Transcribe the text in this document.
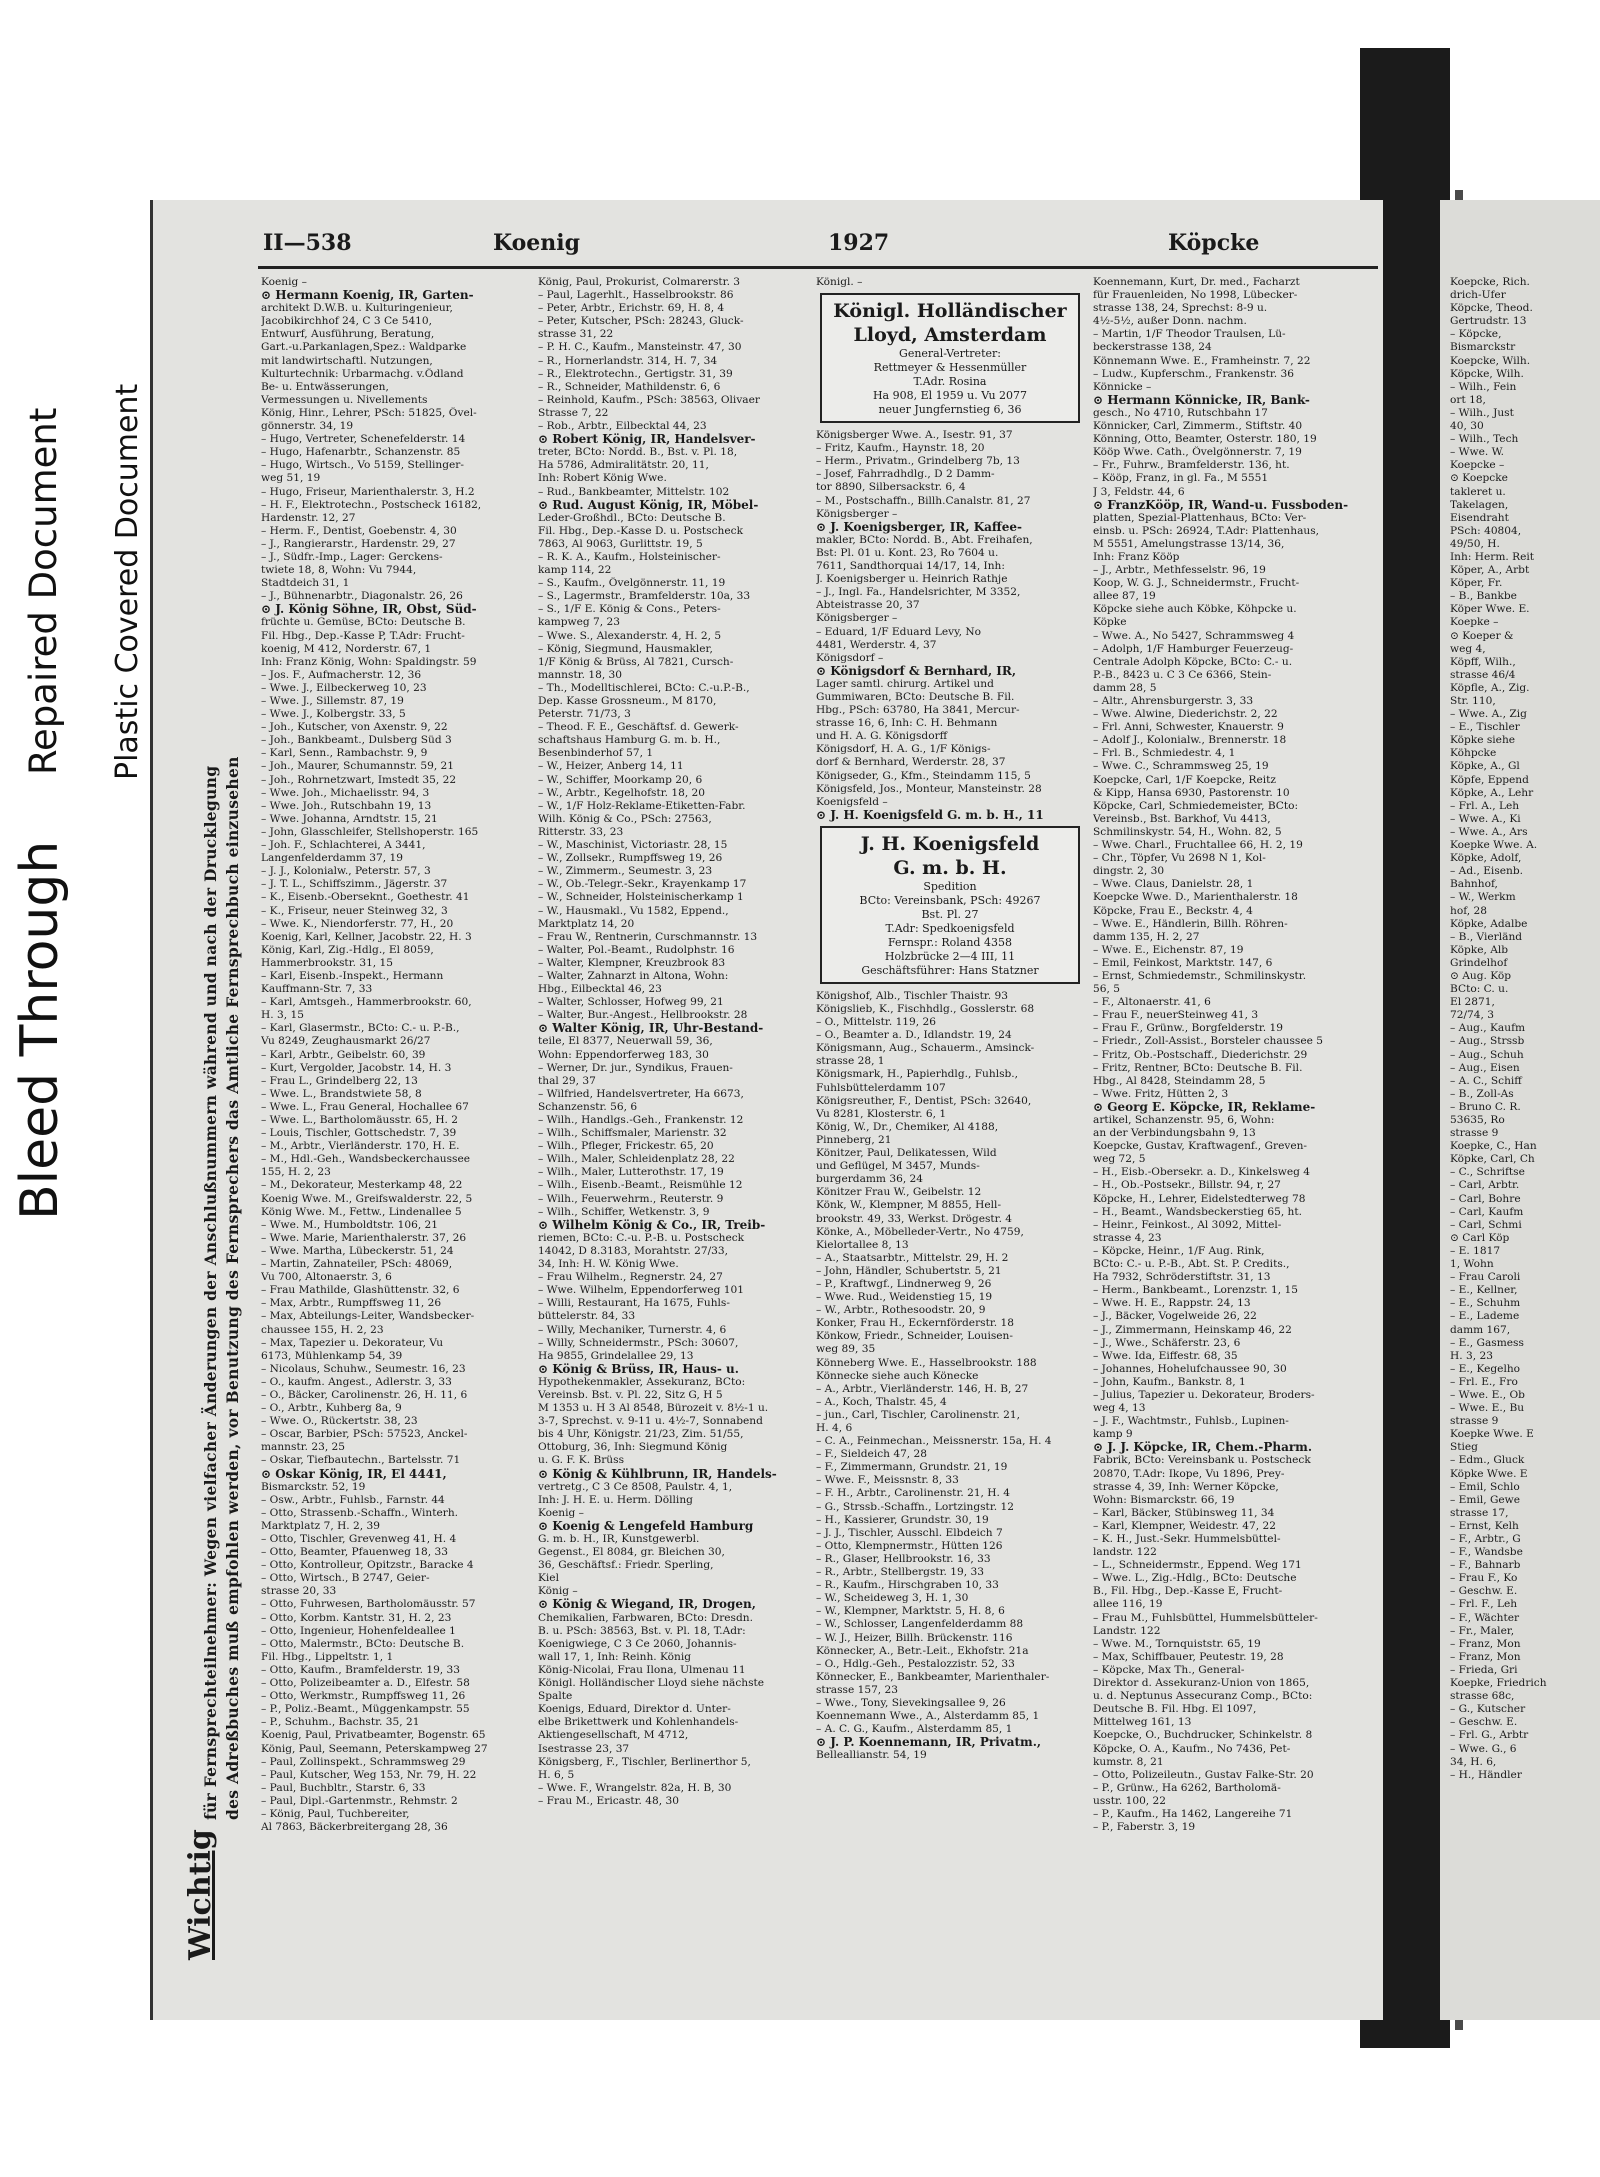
Bleed Through
Repaired Document Plastic Covered Document
II—538	Koenig	1927	Köpcke
Wichtig
für Fernsprechteilnehmer: Wegen vielfacher Änderungen der Anschlußnummern während und nach der Drucklegung des Adreßbuches muß empfohlen werden, vor Benutzung des Fernsprechers das Amtliche Fernsprechbuch einzusehen

Koenig –

⊙ Hermann Koenig, IR, Garten-

architekt D.W.B. u. Kulturingenieur,

Jacobikirchhof 24, C 3 Ce 5410,

Entwurf, Ausführung, Beratung,

Gart.-u.Parkanlagen,Spez.: Waldparke

mit landwirtschaftl. Nutzungen,

Kulturtechnik: Urbarmachg. v.Ödland

Be- u. Entwässerungen,

Vermessungen u. Nivellements

König, Hinr., Lehrer, PSch: 51825, Övel-

gönnerstr. 34, 19

– Hugo, Vertreter, Schenefelderstr. 14

– Hugo, Hafenarbtr., Schanzenstr. 85

– Hugo, Wirtsch., Vo 5159, Stellinger-

weg 51, 19

– Hugo, Friseur, Marienthalerstr. 3, H.2

– H. F., Elektrotechn., Postscheck 16182,

Hardenstr. 12, 27

– Herm. F., Dentist, Goebenstr. 4, 30

– J., Rangierarstr., Hardenstr. 29, 27

– J., Südfr.-Imp., Lager: Gerckens-

twiete 18, 8, Wohn: Vu 7944,

Stadtdeich 31, 1

– J., Bühnenarbtr., Diagonalstr. 26, 26

⊙ J. König Söhne, IR, Obst, Süd-

früchte u. Gemüse, BCto: Deutsche B.

Fil. Hbg., Dep.-Kasse P, T.Adr: Frucht-

koenig, M 412, Norderstr. 67, 1

Inh: Franz König, Wohn: Spaldingstr. 59

– Jos. F., Aufmacherstr. 12, 36

– Wwe. J., Eilbeckerweg 10, 23

– Wwe. J., Sillemstr. 87, 19

– Wwe. J., Kolbergstr. 33, 5

– Joh., Kutscher, von Axenstr. 9, 22

– Joh., Bankbeamt., Dulsberg Süd 3

– Karl, Senn., Rambachstr. 9, 9

– Joh., Maurer, Schumannstr. 59, 21

– Joh., Rohrnetzwart, Imstedt 35, 22

– Wwe. Joh., Michaelisstr. 94, 3

– Wwe. Joh., Rutschbahn 19, 13

– Wwe. Johanna, Arndtstr. 15, 21

– John, Glasschleifer, Stellshoperstr. 165

– Joh. F., Schlachterei, A 3441,

Langenfelderdamm 37, 19

– J. J., Kolonialw., Peterstr. 57, 3

– J. T. L., Schiffszimm., Jägerstr. 37

– K., Eisenb.-Oberseknt., Goethestr. 41

– K., Friseur, neuer Steinweg 32, 3

– Wwe. K., Niendorferstr. 77, H., 20

Koenig, Karl, Kellner, Jacobstr. 22, H. 3

König, Karl, Zig.-Hdlg., El 8059,

Hammerbrookstr. 31, 15

– Karl, Eisenb.-Inspekt., Hermann

Kauffmann-Str. 7, 33

– Karl, Amtsgeh., Hammerbrookstr. 60,

H. 3, 15

– Karl, Glasermstr., BCto: C.- u. P.-B.,

Vu 8249, Zeughausmarkt 26/27

– Karl, Arbtr., Geibelstr. 60, 39

– Kurt, Vergolder, Jacobstr. 14, H. 3

– Frau L., Grindelberg 22, 13

– Wwe. L., Brandstwiete 58, 8

– Wwe. L., Frau General, Hochallee 67

– Wwe. L., Bartholomäusstr. 65, H. 2

– Louis, Tischler, Gottschedstr. 7, 39

– M., Arbtr., Vierländerstr. 170, H. E.

– M., Hdl.-Geh., Wandsbeckerchaussee

155, H. 2, 23

– M., Dekorateur, Mesterkamp 48, 22

Koenig Wwe. M., Greifswalderstr. 22, 5

König Wwe. M., Fettw., Lindenallee 5

– Wwe. M., Humboldtstr. 106, 21

– Wwe. Marie, Marienthalerstr. 37, 26

– Wwe. Martha, Lübeckerstr. 51, 24

– Martin, Zahnateiler, PSch: 48069,

Vu 700, Altonaerstr. 3, 6

– Frau Mathilde, Glashüttenstr. 32, 6

– Max, Arbtr., Rumpffsweg 11, 26

– Max, Abteilungs-Leiter, Wandsbecker-

chaussee 155, H. 2, 23

– Max, Tapezier u. Dekorateur, Vu

6173, Mühlenkamp 54, 39

– Nicolaus, Schuhw., Seumestr. 16, 23

– O., kaufm. Angest., Adlerstr. 3, 33

– O., Bäcker, Carolinenstr. 26, H. 11, 6

– O., Arbtr., Kuhberg 8a, 9

– Wwe. O., Rückertstr. 38, 23

– Oscar, Barbier, PSch: 57523, Anckel-

mannstr. 23, 25

– Oskar, Tiefbautechn., Bartelsstr. 71

⊙ Oskar König, IR, El 4441,

Bismarckstr. 52, 19

– Osw., Arbtr., Fuhlsb., Farnstr. 44

– Otto, Strassenb.-Schaffn., Winterh.

Marktplatz 7, H. 2, 39

– Otto, Tischler, Grevenweg 41, H. 4

– Otto, Beamter, Pfauenweg 18, 33

– Otto, Kontrolleur, Opitzstr., Baracke 4

– Otto, Wirtsch., B 2747, Geier-

strasse 20, 33

– Otto, Fuhrwesen, Bartholomäusstr. 57

– Otto, Korbm. Kantstr. 31, H. 2, 23

– Otto, Ingenieur, Hohenfeldeallee 1

– Otto, Malermstr., BCto: Deutsche B.

Fil. Hbg., Lippeltstr. 1, 1

– Otto, Kaufm., Bramfelderstr. 19, 33

– Otto, Polizeibeamter a. D., Elfestr. 58

– Otto, Werkmstr., Rumpffsweg 11, 26

– P., Poliz.-Beamt., Müggenkampstr. 55

– P., Schuhm., Bachstr. 35, 21

Koenig, Paul, Privatbeamter, Bogenstr. 65

König, Paul, Seemann, Peterskampweg 27

– Paul, Zollinspekt., Schrammsweg 29

– Paul, Kutscher, Weg 153, Nr. 79, H. 22

– Paul, Buchbltr., Starstr. 6, 33

– Paul, Dipl.-Gartenmstr., Rehmstr. 2

– König, Paul, Tuchbereiter,

Al 7863, Bäckerbreitergang 28, 36

König, Paul, Prokurist, Colmarerstr. 3

– Paul, Lagerhlt., Hasselbrookstr. 86

– Peter, Arbtr., Erichstr. 69, H. 8, 4

– Peter, Kutscher, PSch: 28243, Gluck-

strasse 31, 22

– P. H. C., Kaufm., Mansteinstr. 47, 30

– R., Hornerlandstr. 314, H. 7, 34

– R., Elektrotechn., Gertigstr. 31, 39

– R., Schneider, Mathildenstr. 6, 6

– Reinhold, Kaufm., PSch: 38563, Olivaer

Strasse 7, 22

– Rob., Arbtr., Eilbecktal 44, 23

⊙ Robert König, IR, Handelsver-

treter, BCto: Nordd. B., Bst. v. Pl. 18,

Ha 5786, Admiralitätstr. 20, 11,

Inh: Robert König Wwe.

– Rud., Bankbeamter, Mittelstr. 102

⊙ Rud. August König, IR, Möbel-

Leder-Großhdl., BCto: Deutsche B.

Fil. Hbg., Dep.-Kasse D. u. Postscheck

7863, Al 9063, Gurlittstr. 19, 5

– R. K. A., Kaufm., Holsteinischer-

kamp 114, 22

– S., Kaufm., Övelgönnerstr. 11, 19

– S., Lagermstr., Bramfelderstr. 10a, 33

– S., 1/F E. König & Cons., Peters-

kampweg 7, 23

– Wwe. S., Alexanderstr. 4, H. 2, 5

– König, Siegmund, Hausmakler,

1/F König & Brüss, Al 7821, Cursch-

mannstr. 18, 30

– Th., Modelltischlerei, BCto: C.-u.P.-B.,

Dep. Kasse Grossneum., M 8170,

Peterstr. 71/73, 3

– Theod. F. E., Geschäftsf. d. Gewerk-

schaftshaus Hamburg G. m. b. H.,

Besenbinderhof 57, 1

– W., Heizer, Anberg 14, 11

– W., Schiffer, Moorkamp 20, 6

– W., Arbtr., Kegelhofstr. 18, 20

– W., 1/F Holz-Reklame-Etiketten-Fabr.

Wilh. König & Co., PSch: 27563,

Ritterstr. 33, 23

– W., Maschinist, Victoriastr. 28, 15

– W., Zollsekr., Rumpffsweg 19, 26

– W., Zimmerm., Seumestr. 3, 23

– W., Ob.-Telegr.-Sekr., Krayenkamp 17

– W., Schneider, Holsteinischerkamp 1

– W., Hausmakl., Vu 1582, Eppend.,

Marktplatz 14, 20

– Frau W., Rentnerin, Curschmannstr. 13

– Walter, Pol.-Beamt., Rudolphstr. 16

– Walter, Klempner, Kreuzbrook 83

– Walter, Zahnarzt in Altona, Wohn:

Hbg., Eilbecktal 46, 23

– Walter, Schlosser, Hofweg 99, 21

– Walter, Bur.-Angest., Hellbrookstr. 28

⊙ Walter König, IR, Uhr-Bestand-

teile, El 8377, Neuerwall 59, 36,

Wohn: Eppendorferweg 183, 30

– Werner, Dr. jur., Syndikus, Frauen-

thal 29, 37

– Wilfried, Handelsvertreter, Ha 6673,

Schanzenstr. 56, 6

– Wilh., Handlgs.-Geh., Frankenstr. 12

– Wilh., Schiffsmaler, Marienstr. 32

– Wilh., Pfleger, Frickestr. 65, 20

– Wilh., Maler, Schleidenplatz 28, 22

– Wilh., Maler, Lutterothstr. 17, 19

– Wilh., Eisenb.-Beamt., Reismühle 12

– Wilh., Feuerwehrm., Reuterstr. 9

– Wilh., Schiffer, Wetkenstr. 3, 9

⊙ Wilhelm König & Co., IR, Treib-

riemen, BCto: C.-u. P.-B. u. Postscheck

14042, D 8.3183, Morahtstr. 27/33,

34, Inh: H. W. König Wwe.

– Frau Wilhelm., Regnerstr. 24, 27

– Wwe. Wilhelm, Eppendorferweg 101

– Willi, Restaurant, Ha 1675, Fuhls-

büttelerstr. 84, 33

– Willy, Mechaniker, Turnerstr. 4, 6

– Willy, Schneidermstr., PSch: 30607,

Ha 9855, Grindelallee 29, 13

⊙ König & Brüss, IR, Haus- u.

Hypothekenmakler, Assekuranz, BCto:

Vereinsb. Bst. v. Pl. 22, Sitz G, H 5

M 1353 u. H 3 Al 8548, Bürozeit v. 8½-1 u.

3-7, Sprechst. v. 9-11 u. 4½-7, Sonnabend

bis 4 Uhr, Königstr. 21/23, Zim. 51/55,

Ottoburg, 36, Inh: Siegmund König

u. G. F. K. Brüss

⊙ König & Kühlbrunn, IR, Handels-

vertretg., C 3 Ce 8508, Paulstr. 4, 1,

Inh: J. H. E. u. Herm. Dölling

Koenig –

⊙ Koenig & Lengefeld Hamburg

G. m. b. H., IR, Kunstgewerbl.

Gegenst., El 8084, gr. Bleichen 30,

36, Geschäftsf.: Friedr. Sperling,

Kiel

König –

⊙ König & Wiegand, IR, Drogen,

Chemikalien, Farbwaren, BCto: Dresdn.

B. u. PSch: 38563, Bst. v. Pl. 18, T.Adr:

Koenigwiege, C 3 Ce 2060, Johannis-

wall 17, 1, Inh: Reinh. König

König-Nicolai, Frau Ilona, Ulmenau 11

Königl. Holländischer Lloyd siehe nächste

Spalte

Koenigs, Eduard, Direktor d. Unter-

elbe Brikettwerk und Kohlenhandels-

Aktiengesellschaft, M 4712,

Isestrasse 23, 37

Königsberg, F., Tischler, Berlinerthor 5,

H. 6, 5

– Wwe. F., Wrangelstr. 82a, H. B, 30

– Frau M., Ericastr. 48, 30

Königl. –

Königl. Holländischer
Lloyd, Amsterdam
General-Vertreter:
Rettmeyer & Hessenmüller
T.Adr. Rosina
Ha 908, El 1959 u. Vu 2077
neuer Jungfernstieg 6, 36

Königsberger Wwe. A., Isestr. 91, 37

– Fritz, Kaufm., Haynstr. 18, 20

– Herm., Privatm., Grindelberg 7b, 13

– Josef, Fahrradhdlg., D 2 Damm-

tor 8890, Silbersackstr. 6, 4

– M., Postschaffn., Billh.Canalstr. 81, 27

Königsberger –

⊙ J. Koenigsberger, IR, Kaffee-

makler, BCto: Nordd. B., Abt. Freihafen,

Bst: Pl. 01 u. Kont. 23, Ro 7604 u.

7611, Sandthorquai 14/17, 14, Inh:

J. Koenigsberger u. Heinrich Rathje

– J., Ingl. Fa., Handelsrichter, M 3352,

Abteistrasse 20, 37

Königsberger –

– Eduard, 1/F Eduard Levy, No

4481, Werderstr. 4, 37

Königsdorf –

⊙ Königsdorf & Bernhard, IR,

Lager samtl. chirurg. Artikel und

Gummiwaren, BCto: Deutsche B. Fil.

Hbg., PSch: 63780, Ha 3841, Mercur-

strasse 16, 6, Inh: C. H. Behmann

und H. A. G. Königsdorff

Königsdorf, H. A. G., 1/F Königs-

dorf & Bernhard, Werderstr. 28, 37

Königseder, G., Kfm., Steindamm 115, 5

Königsfeld, Jos., Monteur, Mansteinstr. 28

Koenigsfeld –

⊙ J. H. Koenigsfeld G. m. b. H., 11

J. H. Koenigsfeld
G. m. b. H.
Spedition
BCto: Vereinsbank, PSch: 49267
Bst. Pl. 27
T.Adr: Spedkoenigsfeld
Fernspr.: Roland 4358
Holzbrücke 2—4 III, 11
Geschäftsführer: Hans Statzner

Königshof, Alb., Tischler Thaistr. 93

Königslieb, K., Fischhdlg., Gosslerstr. 68

– O., Mittelstr. 119, 26

– O., Beamter a. D., Idlandstr. 19, 24

Königsmann, Aug., Schauerm., Amsinck-

strasse 28, 1

Königsmark, H., Papierhdlg., Fuhlsb.,

Fuhlsbüttelerdamm 107

Königsreuther, F., Dentist, PSch: 32640,

Vu 8281, Klosterstr. 6, 1

König, W., Dr., Chemiker, Al 4188,

Pinneberg, 21

Könitzer, Paul, Delikatessen, Wild

und Geflügel, M 3457, Munds-

burgerdamm 36, 24

Könitzer Frau W., Geibelstr. 12

Könk, W., Klempner, M 8855, Hell-

brookstr. 49, 33, Werkst. Drögestr. 4

Könke, A., Möbelleder-Vertr., No 4759,

Kielortallee 8, 13

– A., Staatsarbtr., Mittelstr. 29, H. 2

– John, Händler, Schubertstr. 5, 21

– P., Kraftwgf., Lindnerweg 9, 26

– Wwe. Rud., Weidenstieg 15, 19

– W., Arbtr., Rothesoodstr. 20, 9

Konker, Frau H., Eckernförderstr. 18

Könkow, Friedr., Schneider, Louisen-

weg 89, 35

Könneberg Wwe. E., Hasselbrookstr. 188

Könnecke siehe auch Könecke

– A., Arbtr., Vierländerstr. 146, H. B, 27

– A., Koch, Thalstr. 45, 4

– jun., Carl, Tischler, Carolinenstr. 21,

H. 4, 6

– C. A., Feinmechan., Meissnerstr. 15a, H. 4

– F., Sieldeich 47, 28

– F., Zimmermann, Grundstr. 21, 19

– Wwe. F., Meissnstr. 8, 33

– F. H., Arbtr., Carolinenstr. 21, H. 4

– G., Strssb.-Schaffn., Lortzingstr. 12

– H., Kassierer, Grundstr. 30, 19

– J. J., Tischler, Ausschl. Elbdeich 7

– Otto, Klempnermstr., Hütten 126

– R., Glaser, Hellbrookstr. 16, 33

– R., Arbtr., Stellbergstr. 19, 33

– R., Kaufm., Hirschgraben 10, 33

– W., Scheideweg 3, H. 1, 30

– W., Klempner, Marktstr. 5, H. 8, 6

– W., Schlosser, Langenfelderdamm 88

– W. J., Heizer, Billh. Brückenstr. 116

Könnecker, A., Betr.-Leit., Ekhofstr. 21a

– O., Hdlg.-Geh., Pestalozzistr. 52, 33

Könnecker, E., Bankbeamter, Marienthaler-

strasse 157, 23

– Wwe., Tony, Sievekingsallee 9, 26

Koennemann Wwe., A., Alsterdamm 85, 1

– A. C. G., Kaufm., Alsterdamm 85, 1

⊙ J. P. Koennemann, IR, Privatm.,

Belleallianstr. 54, 19

Koennemann, Kurt, Dr. med., Facharzt

für Frauenleiden, No 1998, Lübecker-

strasse 138, 24, Sprechst: 8-9 u.

4½-5½, außer Donn. nachm.

– Martin, 1/F Theodor Traulsen, Lü-

beckerstrasse 138, 24

Könnemann Wwe. E., Framheinstr. 7, 22

– Ludw., Kupferschm., Frankenstr. 36

Könnicke –

⊙ Hermann Könnicke, IR, Bank-

gesch., No 4710, Rutschbahn 17

Könnicker, Carl, Zimmerm., Stiftstr. 40

Könning, Otto, Beamter, Osterstr. 180, 19

Kööp Wwe. Cath., Övelgönnerstr. 7, 19

– Fr., Fuhrw., Bramfelderstr. 136, ht.

– Kööp, Franz, in gl. Fa., M 5551

J 3, Feldstr. 44, 6

⊙ FranzKööp, IR, Wand-u. Fussboden-

platten, Spezial-Plattenhaus, BCto: Ver-

einsb. u. PSch: 26924, T.Adr: Plattenhaus,

M 5551, Amelungstrasse 13/14, 36,

Inh: Franz Kööp

– J., Arbtr., Methfesselstr. 96, 19

Koop, W. G. J., Schneidermstr., Frucht-

allee 87, 19

Köpcke siehe auch Köbke, Köhpcke u.

Köpke

– Wwe. A., No 5427, Schrammsweg 4

– Adolph, 1/F Hamburger Feuerzeug-

Centrale Adolph Köpcke, BCto: C.- u.

P.-B., 8423 u. C 3 Ce 6366, Stein-

damm 28, 5

– Altr., Ahrensburgerstr. 3, 33

– Wwe. Alwine, Diederichstr. 2, 22

– Frl. Anni, Schwester, Knauerstr. 9

– Adolf J., Kolonialw., Brennerstr. 18

– Frl. B., Schmiedestr. 4, 1

– Wwe. C., Schrammsweg 25, 19

Koepcke, Carl, 1/F Koepcke, Reitz

& Kipp, Hansa 6930, Pastorenstr. 10

Köpcke, Carl, Schmiedemeister, BCto:

Vereinsb., Bst. Barkhof, Vu 4413,

Schmilinskystr. 54, H., Wohn. 82, 5

– Wwe. Charl., Fruchtallee 66, H. 2, 19

– Chr., Töpfer, Vu 2698 N 1, Kol-

dingstr. 2, 30

– Wwe. Claus, Danielstr. 28, 1

Koepcke Wwe. D., Marienthalerstr. 18

Köpcke, Frau E., Beckstr. 4, 4

– Wwe. E., Händlerin, Billh. Röhren-

damm 135, H. 2, 27

– Wwe. E., Eichenstr. 87, 19

– Emil, Feinkost, Marktstr. 147, 6

– Ernst, Schmiedemstr., Schmilinskystr.

56, 5

– F., Altonaerstr. 41, 6

– Frau F., neuerSteinweg 41, 3

– Frau F., Grünw., Borgfelderstr. 19

– Friedr., Zoll-Assist., Borsteler chaussee 5

– Fritz, Ob.-Postschaff., Diederichstr. 29

– Fritz, Rentner, BCto: Deutsche B. Fil.

Hbg., Al 8428, Steindamm 28, 5

– Wwe. Fritz, Hütten 2, 3

⊙ Georg E. Köpcke, IR, Reklame-

artikel, Schanzenstr. 95, 6, Wohn:

an der Verbindungsbahn 9, 13

Koepcke, Gustav, Kraftwagenf., Greven-

weg 72, 5

– H., Eisb.-Obersekr. a. D., Kinkelsweg 4

– H., Ob.-Postsekr., Billstr. 94, r, 27

Köpcke, H., Lehrer, Eidelstedterweg 78

– H., Beamt., Wandsbeckerstieg 65, ht.

– Heinr., Feinkost., Al 3092, Mittel-

strasse 4, 23

– Köpcke, Heinr., 1/F Aug. Rink,

BCto: C.- u. P.-B., Abt. St. P. Credits.,

Ha 7932, Schröderstiftstr. 31, 13

– Herm., Bankbeamt., Lorenzstr. 1, 15

– Wwe. H. E., Rappstr. 24, 13

– J., Bäcker, Vogelweide 26, 22

– J., Zimmermann, Heinskamp 46, 22

– J., Wwe., Schäferstr. 23, 6

– Wwe. Ida, Eiffestr. 68, 35

– Johannes, Hohelufchaussee 90, 30

– John, Kaufm., Bankstr. 8, 1

– Julius, Tapezier u. Dekorateur, Broders-

weg 4, 13

– J. F., Wachtmstr., Fuhlsb., Lupinen-

kamp 9

⊙ J. J. Köpcke, IR, Chem.-Pharm.

Fabrik, BCto: Vereinsbank u. Postscheck

20870, T.Adr: Ikope, Vu 1896, Prey-

strasse 4, 39, Inh: Werner Köpcke,

Wohn: Bismarckstr. 66, 19

– Karl, Bäcker, Stübinsweg 11, 34

– Karl, Klempner, Weidestr. 47, 22

– K. H., Just.-Sekr. Hummelsbüttel-

landstr. 122

– L., Schneidermstr., Eppend. Weg 171

– Wwe. L., Zig.-Hdlg., BCto: Deutsche

B., Fil. Hbg., Dep.-Kasse E, Frucht-

allee 116, 19

– Frau M., Fuhlsbüttel, Hummelsbütteler-

Landstr. 122

– Wwe. M., Tornquiststr. 65, 19

– Max, Schiffbauer, Peutestr. 19, 28

– Köpcke, Max Th., General-

Direktor d. Assekuranz-Union von 1865,

u. d. Neptunus Assecuranz Comp., BCto:

Deutsche B. Fil. Hbg. El 1097,

Mittelweg 161, 13

Koepcke, O., Buchdrucker, Schinkelstr. 8

Köpcke, O. A., Kaufm., No 7436, Pet-

kumstr. 8, 21

– Otto, Polizeileutn., Gustav Falke-Str. 20

– P., Grünw., Ha 6262, Bartholomä-

usstr. 100, 22

– P., Kaufm., Ha 1462, Langereihe 71

– P., Faberstr. 3, 19

Koepcke, Rich.

drich-Ufer

Köpcke, Theod.

Gertrudstr. 13

– Köpcke,

Bismarckstr

Koepcke, Wilh.

Köpcke, Wilh.

– Wilh., Fein

ort 18,

– Wilh., Just

40, 30

– Wilh., Tech

– Wwe. W.

Koepcke –

⊙ Koepcke

takleret u.

Takelagen,

Eisendraht

PSch: 40804,

49/50, H.

Inh: Herm. Reit

Köper, A., Arbt

Köper, Fr.

– B., Bankbe

Köper Wwe. E.

Koepke –

⊙ Koeper &

weg 4,

Köpff, Wilh.,

strasse 46/4

Köpfle, A., Zig.

Str. 110,

– Wwe. A., Zig

– E., Tischler

Köpke siehe

Köhpcke

Köpke, A., Gl

Köpfe, Eppend

Köpke, A., Lehr

– Frl. A., Leh

– Wwe. A., Ki

– Wwe. A., Ars

Koepke Wwe. A.

Köpke, Adolf,

– Ad., Eisenb.

Bahnhof,

– W., Werkm

hof, 28

Köpke, Adalbe

– B., Vierländ

Köpke, Alb

Grindelhof

⊙ Aug. Köp

BCto: C. u.

El 2871,

72/74, 3

– Aug., Kaufm

– Aug., Strssb

– Aug., Schuh

– Aug., Eisen

– A. C., Schiff

– B., Zoll-As

– Bruno C. R.

53635, Ro

strasse 9

Koepke, C., Han

Köpke, Carl, Ch

– C., Schriftse

– Carl, Arbtr.

– Carl, Bohre

– Carl, Kaufm

– Carl, Schmi

⊙ Carl Köp

– E. 1817

1, Wohn

– Frau Caroli

– E., Kellner,

– E., Schuhm

– E., Lademe

damm 167,

– E., Gasmess

H. 3, 23

– E., Kegelho

– Frl. E., Fro

– Wwe. E., Ob

– Wwe. E., Bu

strasse 9

Koepke Wwe. E

Stieg

– Edm., Gluck

Köpke Wwe. E

– Emil, Schlo

– Emil, Gewe

strasse 17,

– Ernst, Kelh

– F., Arbtr., G

– F., Wandsbe

– F., Bahnarb

– Frau F., Ko

– Geschw. E.

– Frl. F., Leh

– F., Wächter

– Fr., Maler,

– Franz, Mon

– Franz, Mon

– Frieda, Gri

Koepke, Friedrich

strasse 68c,

– G., Kutscher

– Geschw. E.

– Frl. G., Arbtr

– Wwe. G., 6

34, H. 6,

– H., Händler
